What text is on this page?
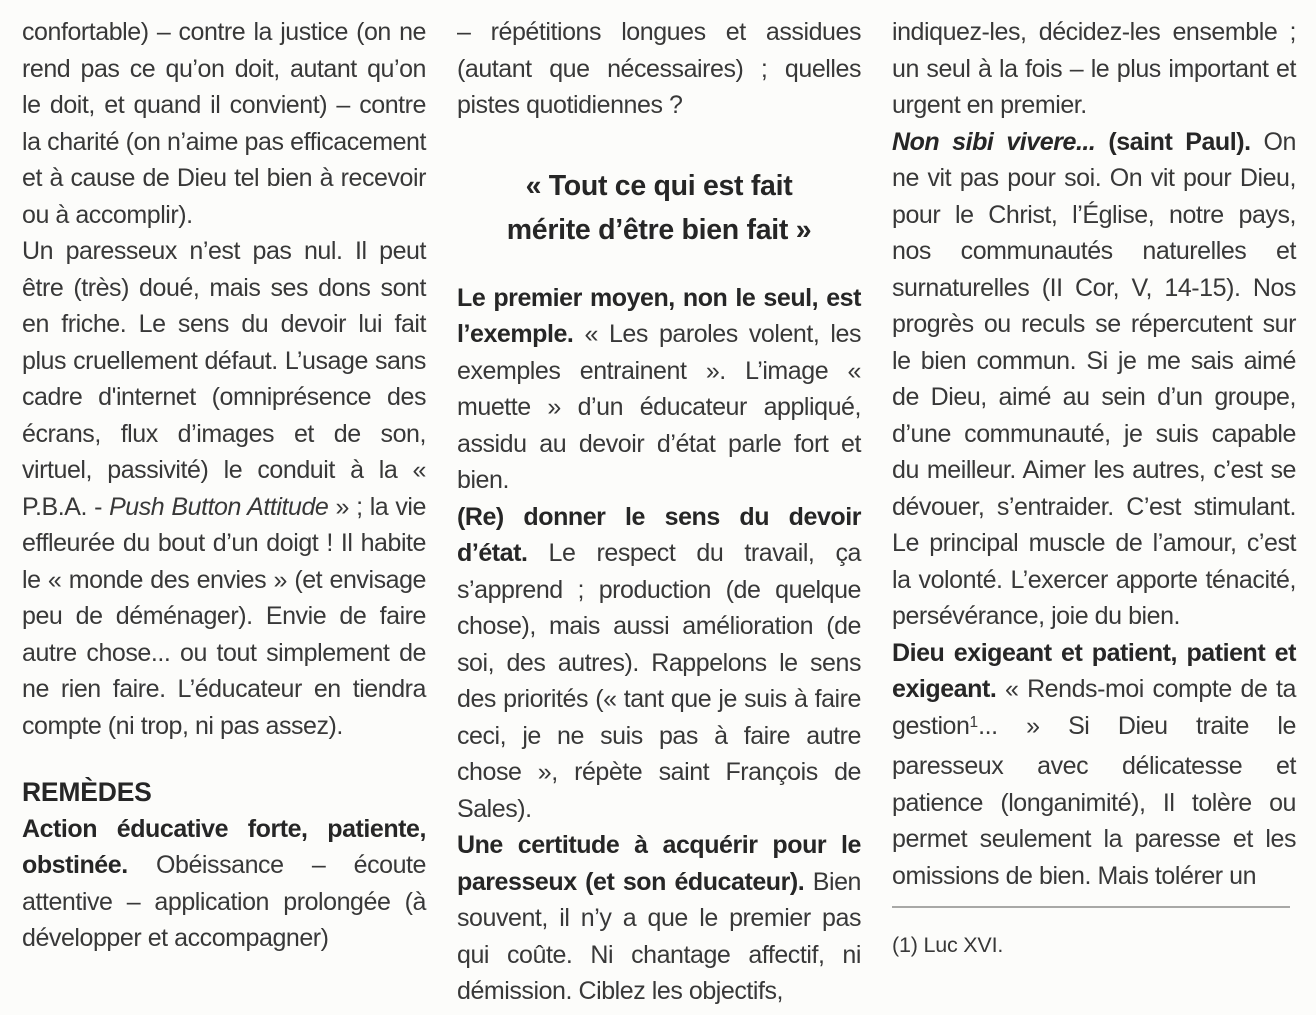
confortable) – contre la justice (on ne rend pas ce qu’on doit, autant qu’on le doit, et quand il convient) – contre la charité (on n’aime pas efficacement et à cause de Dieu tel bien à recevoir ou à accomplir).

Un paresseux n’est pas nul. Il peut être (très) doué, mais ses dons sont en friche. Le sens du devoir lui fait plus cruellement défaut. L’usage sans cadre d'internet (omniprésence des écrans, flux d’images et de son, virtuel, passivité) le conduit à la « P.B.A. - Push Button Attitude » ; la vie effleurée du bout d’un doigt ! Il habite le « monde des envies » (et envisage peu de déménager). Envie de faire autre chose... ou tout simplement de ne rien faire. L’éducateur en tiendra compte (ni trop, ni pas assez).

REMÈDES

Action éducative forte, patiente, obstinée. Obéissance – écoute attentive – application prolongée (à développer et accompagner)

– répétitions longues et assidues (autant que nécessaires) ; quelles pistes quotidiennes ?

« Tout ce qui est fait
mérite d’être bien fait »

Le premier moyen, non le seul, est l’exemple. « Les paroles volent, les exemples entrainent ». L’image « muette » d’un éducateur appliqué, assidu au devoir d’état parle fort et bien.

(Re) donner le sens du devoir d’état. Le respect du travail, ça s’apprend ; production (de quelque chose), mais aussi amélioration (de soi, des autres). Rappelons le sens des priorités (« tant que je suis à faire ceci, je ne suis pas à faire autre chose », répète saint François de Sales).

Une certitude à acquérir pour le paresseux (et son éducateur). Bien souvent, il n’y a que le premier pas qui coûte. Ni chantage affectif, ni démission. Ciblez les objectifs,

indiquez-les, décidez-les ensemble ; un seul à la fois – le plus important et urgent en premier.

Non sibi vivere... (saint Paul). On ne vit pas pour soi. On vit pour Dieu, pour le Christ, l’Église, notre pays, nos communautés naturelles et surnaturelles (II Cor, V, 14-15). Nos progrès ou reculs se répercutent sur le bien commun. Si je me sais aimé de Dieu, aimé au sein d’un groupe, d’une communauté, je suis capable du meilleur. Aimer les autres, c’est se dévouer, s’entraider. C’est stimulant. Le principal muscle de l’amour, c’est la volonté. L’exercer apporte ténacité, persévérance, joie du bien.

Dieu exigeant et patient, patient et exigeant. « Rends-moi compte de ta gestion$^1$... » Si Dieu traite le paresseux avec délicatesse et patience (longanimité), Il tolère ou permet seulement la paresse et les omissions de bien. Mais tolérer un

(1) Luc XVI.
